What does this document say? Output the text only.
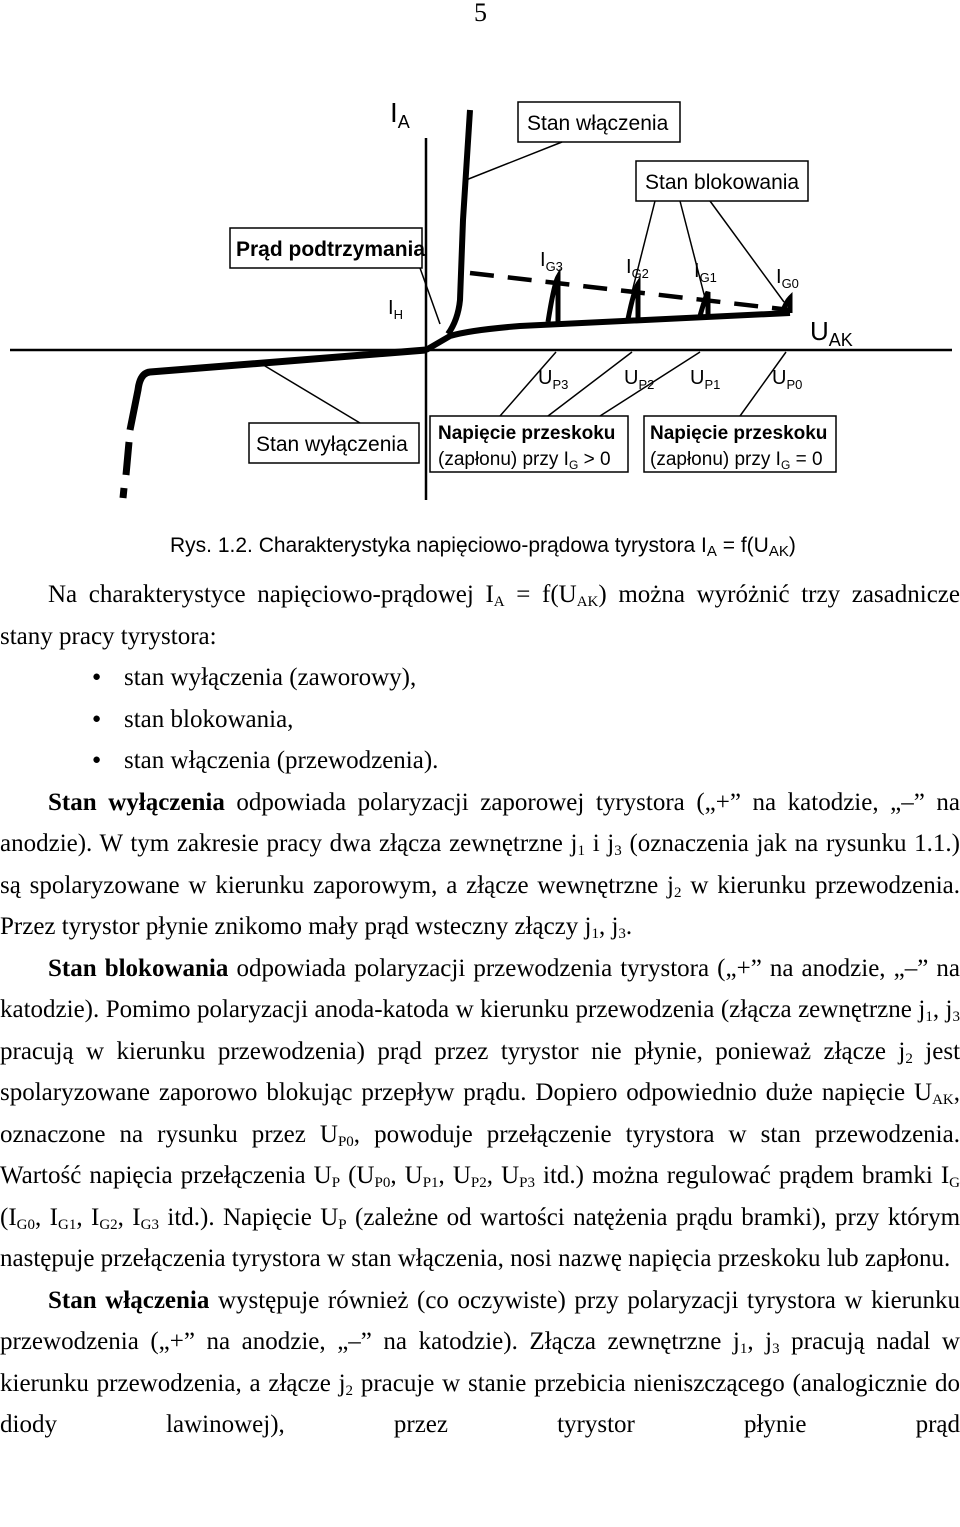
5
$I_A$
$U_{AK}$
$I_{G3}$	$I_{G2}$ $I_{G1}$	$I_{G0}$
$U_{P3}$	$U_{P2}$ $U_{P1}$	$U_{P0}$
$I_H$
Stan włączenia
Stan blokowania
Prąd podtrzymania
Stan wyłączenia Napięcie przeskoku
(zapłonu) przy $I_G > 0$
Napięcie przeskoku
(zapłonu) przy $I_G = 0$
Rys. 1.2. Charakterystyka napięciowo-prądowa tyrystora $I_A = f(U_{AK})$

Na charakterystyce napięciowo-prądowej $I_A = f(U_{AK})$ można wyróżnić trzy zasadnicze stany pracy tyrystora:

● stan wyłączenia (zaworowy),
● stan blokowania,
● stan włączenia (przewodzenia).

Stan wyłączenia odpowiada polaryzacji zaporowej tyrystora („+” na katodzie, „–” na anodzie). W tym zakresie pracy dwa złącza zewnętrzne $j_1$ i $j_3$ (oznaczenia jak na rysunku 1.1.) są spolaryzowane w kierunku zaporowym, a złącze wewnętrzne $j_2$ w kierunku przewodzenia. Przez tyrystor płynie znikomo mały prąd wsteczny złączy $j_1$, $j_3$.

Stan blokowania odpowiada polaryzacji przewodzenia tyrystora („+” na anodzie, „–” na katodzie). Pomimo polaryzacji anoda-katoda w kierunku przewodzenia (złącza zewnętrzne $j_1$, $j_3$ pracują w kierunku przewodzenia) prąd przez tyrystor nie płynie, ponieważ złącze $j_2$ jest spolaryzowane zaporowo blokując przepływ prądu. Dopiero odpowiednio duże napięcie $U_{AK}$, oznaczone na rysunku przez $U_{P0}$, powoduje przełączenie tyrystora w stan przewodzenia. Wartość napięcia przełączenia $U_P$ ($U_{P0}$, $U_{P1}$, $U_{P2}$, $U_{P3}$ itd.) można regulować prądem bramki $I_G$ ($I_{G0}$, $I_{G1}$, $I_{G2}$, $I_{G3}$ itd.). Napięcie $U_P$ (zależne od wartości natężenia prądu bramki), przy którym następuje przełączenia tyrystora w stan włączenia, nosi nazwę napięcia przeskoku lub zapłonu.

Stan włączenia występuje również (co oczywiste) przy polaryzacji tyrystora w kierunku przewodzenia („+” na anodzie, „–” na katodzie). Złącza zewnętrzne $j_1$, $j_3$ pracują nadal w kierunku przewodzenia, a złącze $j_2$ pracuje w stanie przebicia nieniszczącego (analogicznie do diody lawinowej), przez tyrystor płynie prąd
